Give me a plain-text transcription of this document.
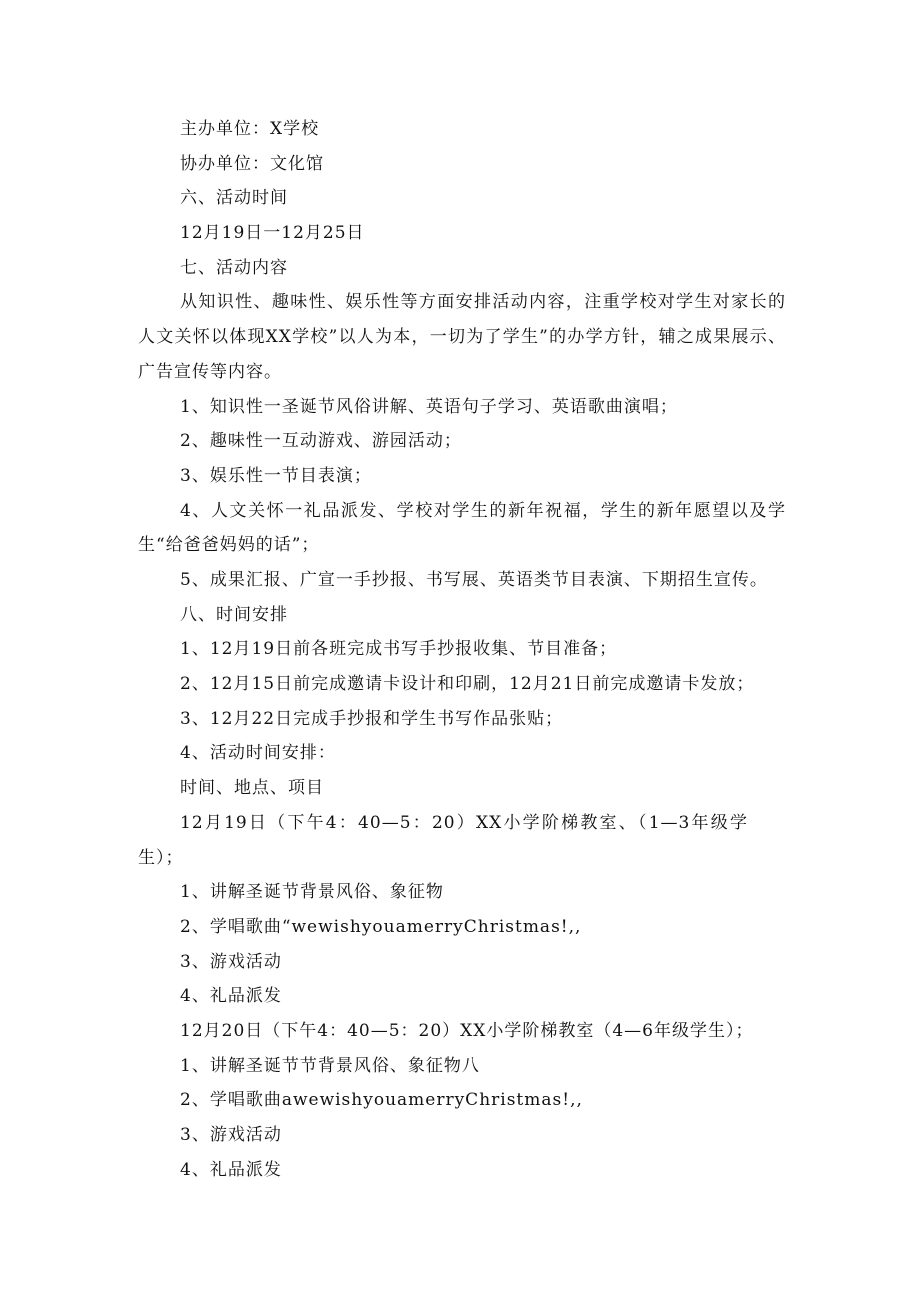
主办单位：X学校
协办单位：文化馆
六、活动时间
12月19日一12月25日
七、活动内容
从知识性、趣味性、娱乐性等方面安排活动内容，注重学校对学生对家长的人文关怀以体现XX学校”以人为本，一切为了学生”的办学方针，辅之成果展示、广告宣传等内容。
1、知识性一圣诞节风俗讲解、英语句子学习、英语歌曲演唱；
2、趣味性一互动游戏、游园活动；
3、娱乐性一节目表演；
4、人文关怀一礼品派发、学校对学生的新年祝福，学生的新年愿望以及学生“给爸爸妈妈的话”；
5、成果汇报、广宣一手抄报、书写展、英语类节目表演、下期招生宣传。
八、时间安排
1、12月19日前各班完成书写手抄报收集、节目准备；
2、12月15日前完成邀请卡设计和印刷，12月21日前完成邀请卡发放；
3、12月22日完成手抄报和学生书写作品张贴；
4、活动时间安排：
时间、地点、项目
12月19日（下午4：40—5：20）XX小学阶梯教室、（1—3年级学生）；
1、讲解圣诞节背景风俗、象征物
2、学唱歌曲“wewishyouamerryChristmas!,,
3、游戏活动
4、礼品派发
12月20日（下午4：40—5：20）XX小学阶梯教室（4—6年级学生）；
1、讲解圣诞节节背景风俗、象征物八
2、学唱歌曲awewishyouamerryChristmas!,,
3、游戏活动
4、礼品派发
